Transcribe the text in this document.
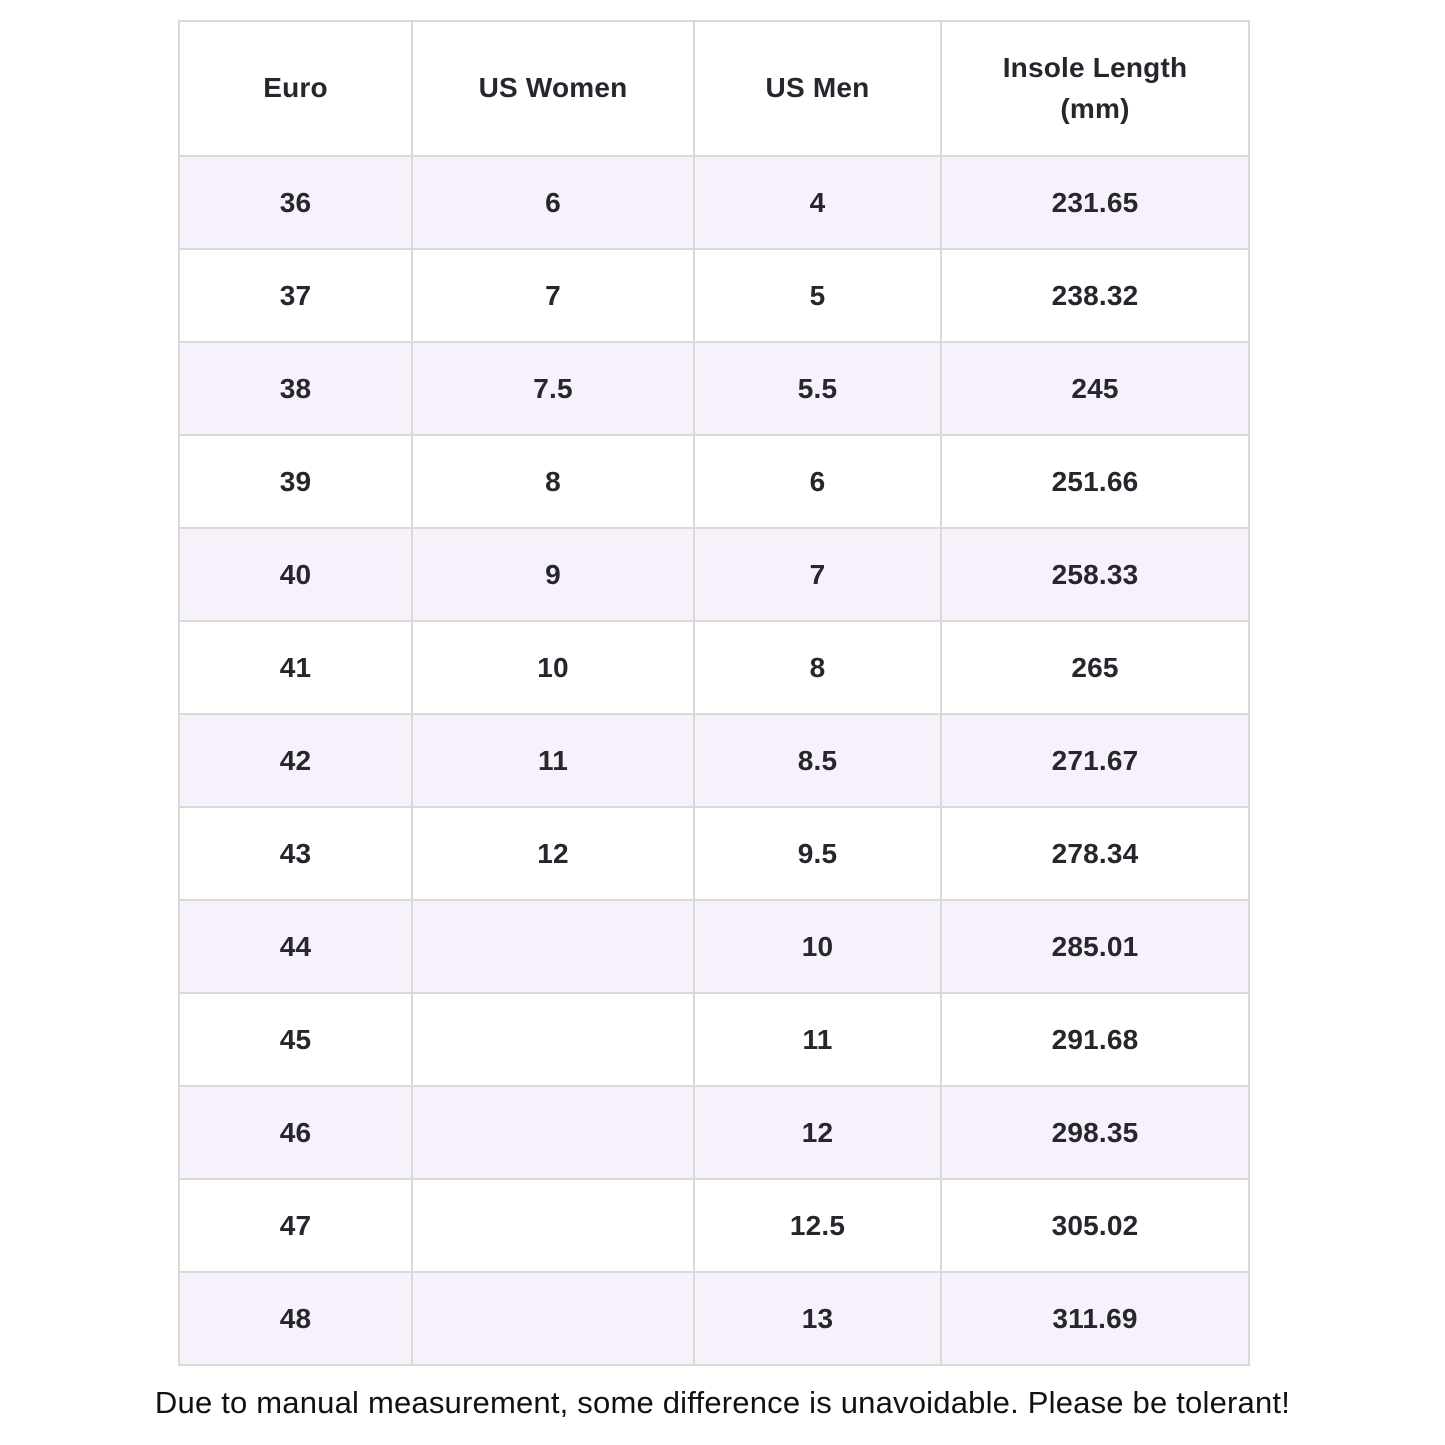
Euro	US Women	US Men	Insole Length (mm)
36	6	4	231.65
37	7	5	238.32
38	7.5	5.5	245
39	8	6	251.66
40	9	7	258.33
41	10	8	265
42	11	8.5	271.67
43	12	9.5	278.34
44		10	285.01
45		11	291.68
46		12	298.35
47		12.5	305.02
48		13	311.69
Due to manual measurement, some difference is unavoidable. Please be tolerant!
